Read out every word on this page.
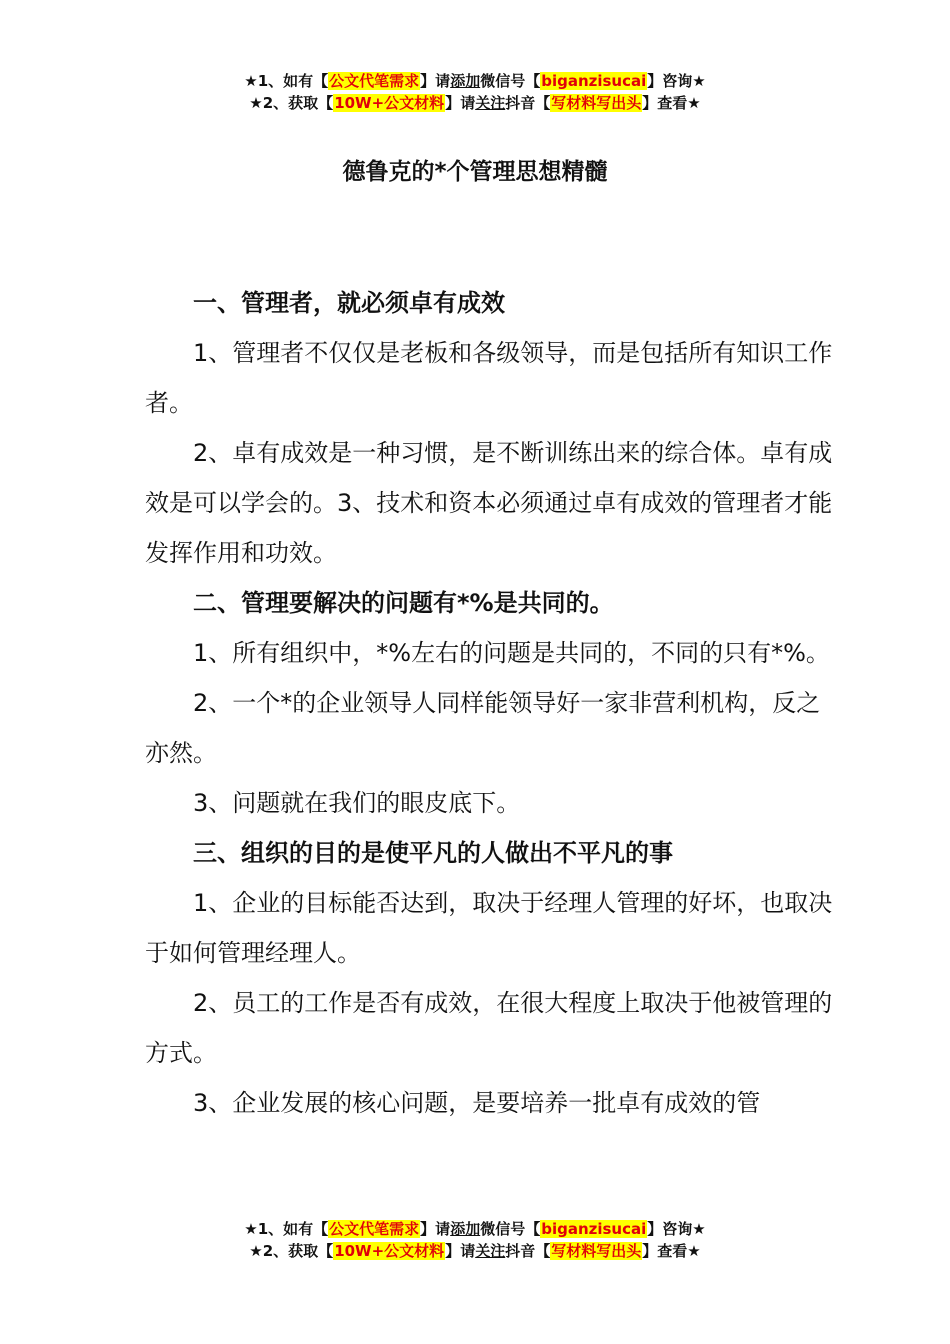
★1、如有【公文代笔需求】请添加微信号【biganzisucai】咨询★
★2、获取【10W+公文材料】请关注抖音【写材料写出头】查看★
德鲁克的*个管理思想精髓

一、管理者，就必须卓有成效

1、管理者不仅仅是老板和各级领导，而是包括所有知识工作者。

2、卓有成效是一种习惯，是不断训练出来的综合体。卓有成效是可以学会的。3、技术和资本必须通过卓有成效的管理者才能发挥作用和功效。

二、管理要解决的问题有*%是共同的。

1、所有组织中，*%左右的问题是共同的，不同的只有*%。

2、一个*的企业领导人同样能领导好一家非营利机构，反之亦然。

3、问题就在我们的眼皮底下。

三、组织的目的是使平凡的人做出不平凡的事

1、企业的目标能否达到，取决于经理人管理的好坏，也取决于如何管理经理人。

2、员工的工作是否有成效，在很大程度上取决于他被管理的方式。

3、企业发展的核心问题，是要培养一批卓有成效的管

★1、如有【公文代笔需求】请添加微信号【biganzisucai】咨询★
★2、获取【10W+公文材料】请关注抖音【写材料写出头】查看★
